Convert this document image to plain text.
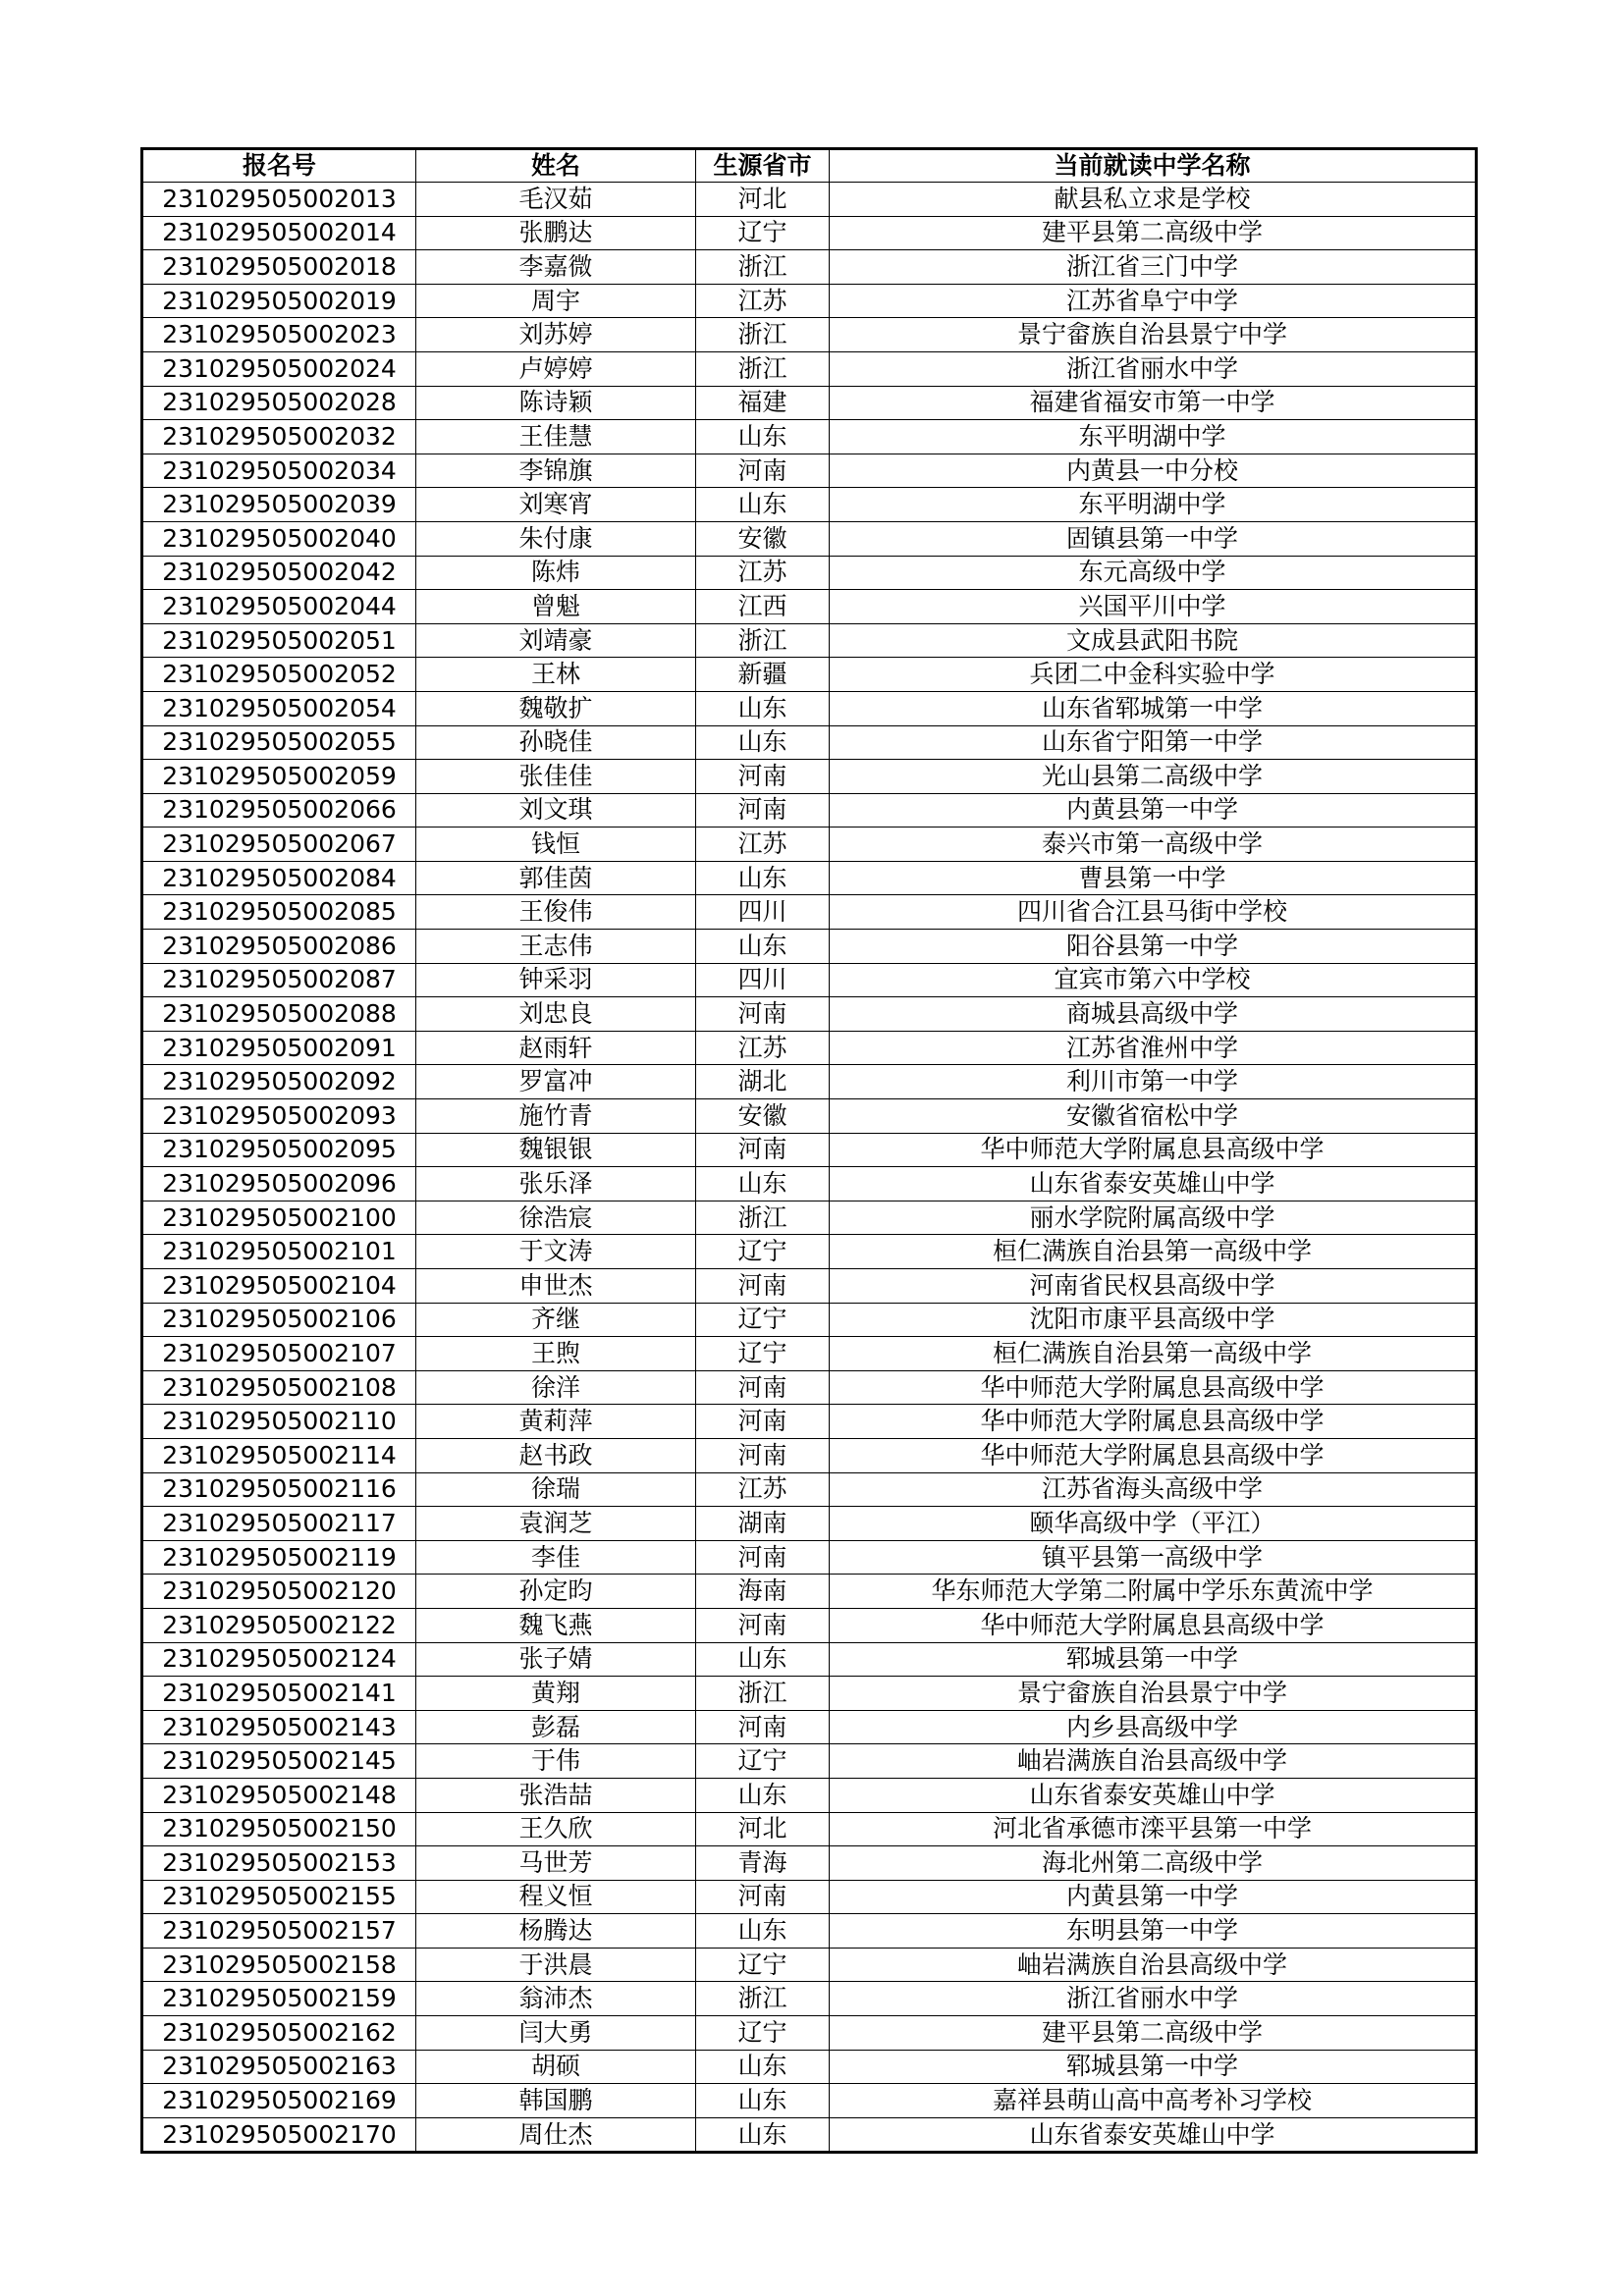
报名号	姓名	生源省市	当前就读中学名称
231029505002013	毛汉茹	河北	献县私立求是学校
231029505002014	张鹏达	辽宁	建平县第二高级中学
231029505002018	李嘉微	浙江	浙江省三门中学
231029505002019	周宇	江苏	江苏省阜宁中学
231029505002023	刘苏婷	浙江	景宁畲族自治县景宁中学
231029505002024	卢婷婷	浙江	浙江省丽水中学
231029505002028	陈诗颖	福建	福建省福安市第一中学
231029505002032	王佳慧	山东	东平明湖中学
231029505002034	李锦旗	河南	内黄县一中分校
231029505002039	刘寒宵	山东	东平明湖中学
231029505002040	朱付康	安徽	固镇县第一中学
231029505002042	陈炜	江苏	东元高级中学
231029505002044	曾魁	江西	兴国平川中学
231029505002051	刘靖豪	浙江	文成县武阳书院
231029505002052	王林	新疆	兵团二中金科实验中学
231029505002054	魏敬扩	山东	山东省郓城第一中学
231029505002055	孙晓佳	山东	山东省宁阳第一中学
231029505002059	张佳佳	河南	光山县第二高级中学
231029505002066	刘文琪	河南	内黄县第一中学
231029505002067	钱恒	江苏	泰兴市第一高级中学
231029505002084	郭佳茵	山东	曹县第一中学
231029505002085	王俊伟	四川	四川省合江县马街中学校
231029505002086	王志伟	山东	阳谷县第一中学
231029505002087	钟采羽	四川	宜宾市第六中学校
231029505002088	刘忠良	河南	商城县高级中学
231029505002091	赵雨轩	江苏	江苏省淮州中学
231029505002092	罗富冲	湖北	利川市第一中学
231029505002093	施竹青	安徽	安徽省宿松中学
231029505002095	魏银银	河南	华中师范大学附属息县高级中学
231029505002096	张乐泽	山东	山东省泰安英雄山中学
231029505002100	徐浩宸	浙江	丽水学院附属高级中学
231029505002101	于文涛	辽宁	桓仁满族自治县第一高级中学
231029505002104	申世杰	河南	河南省民权县高级中学
231029505002106	齐继	辽宁	沈阳市康平县高级中学
231029505002107	王煦	辽宁	桓仁满族自治县第一高级中学
231029505002108	徐洋	河南	华中师范大学附属息县高级中学
231029505002110	黄莉萍	河南	华中师范大学附属息县高级中学
231029505002114	赵书政	河南	华中师范大学附属息县高级中学
231029505002116	徐瑞	江苏	江苏省海头高级中学
231029505002117	袁润芝	湖南	颐华高级中学（平江）
231029505002119	李佳	河南	镇平县第一高级中学
231029505002120	孙定昀	海南	华东师范大学第二附属中学乐东黄流中学
231029505002122	魏飞燕	河南	华中师范大学附属息县高级中学
231029505002124	张子婧	山东	郓城县第一中学
231029505002141	黄翔	浙江	景宁畲族自治县景宁中学
231029505002143	彭磊	河南	内乡县高级中学
231029505002145	于伟	辽宁	岫岩满族自治县高级中学
231029505002148	张浩喆	山东	山东省泰安英雄山中学
231029505002150	王久欣	河北	河北省承德市滦平县第一中学
231029505002153	马世芳	青海	海北州第二高级中学
231029505002155	程义恒	河南	内黄县第一中学
231029505002157	杨腾达	山东	东明县第一中学
231029505002158	于洪晨	辽宁	岫岩满族自治县高级中学
231029505002159	翁沛杰	浙江	浙江省丽水中学
231029505002162	闫大勇	辽宁	建平县第二高级中学
231029505002163	胡硕	山东	郓城县第一中学
231029505002169	韩国鹏	山东	嘉祥县萌山高中高考补习学校
231029505002170	周仕杰	山东	山东省泰安英雄山中学
